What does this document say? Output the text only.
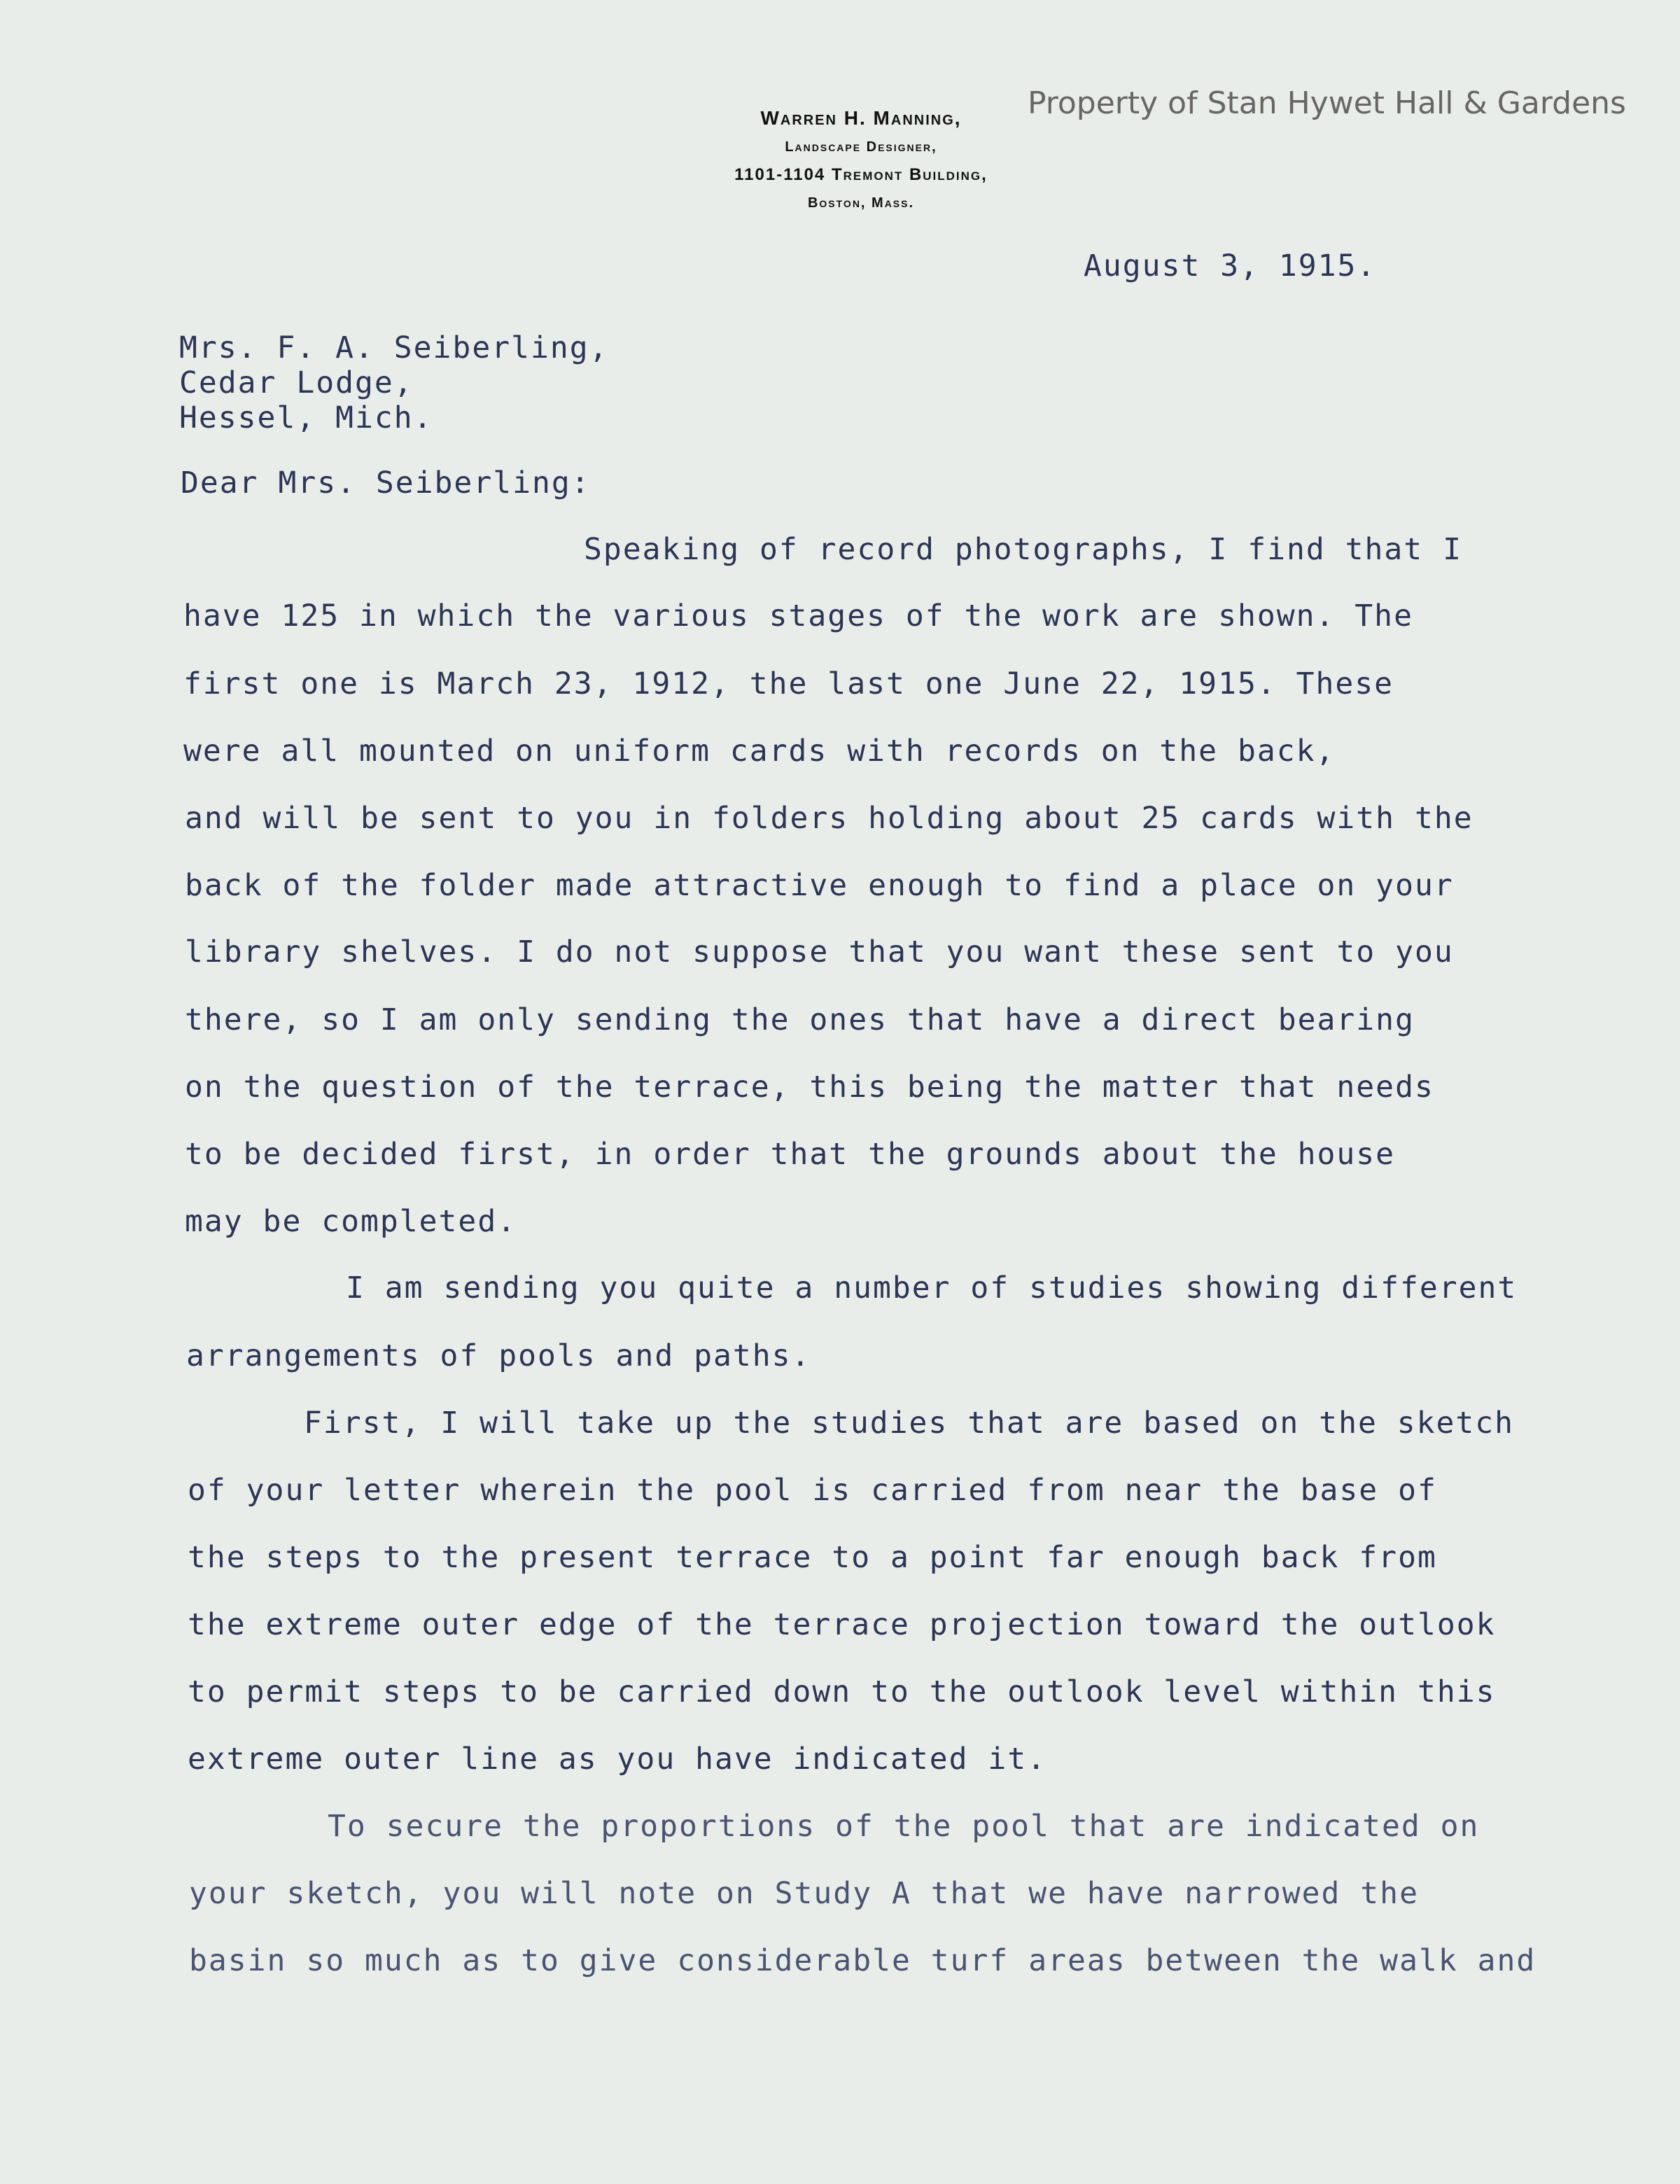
Property of Stan Hywet Hall & Gardens
Warren H. Manning,
Landscape Designer,
1101-1104 Tremont Building,
Boston, Mass.
August 3, 1915.
Mrs. F. A. Seiberling,
Cedar Lodge,
Hessel, Mich.
Dear Mrs. Seiberling:
Speaking of record photographs, I find that I
have 125 in which the various stages of the work are shown. The
first one is March 23, 1912, the last one June 22, 1915. These
were all mounted on uniform cards with records on the back,
and will be sent to you in folders holding about 25 cards with the
back of the folder made attractive enough to find a place on your
library shelves. I do not suppose that you want these sent to you
there, so I am only sending the ones that have a direct bearing
on the question of the terrace, this being the matter that needs
to be decided first, in order that the grounds about the house
may be completed.
I am sending you quite a number of studies showing different
arrangements of pools and paths.
First, I will take up the studies that are based on the sketch
of your letter wherein the pool is carried from near the base of
the steps to the present terrace to a point far enough back from
the extreme outer edge of the terrace projection toward the outlook
to permit steps to be carried down to the outlook level within this
extreme outer line as you have indicated it.
To secure the proportions of the pool that are indicated on
your sketch, you will note on Study A that we have narrowed the
basin so much as to give considerable turf areas between the walk and
